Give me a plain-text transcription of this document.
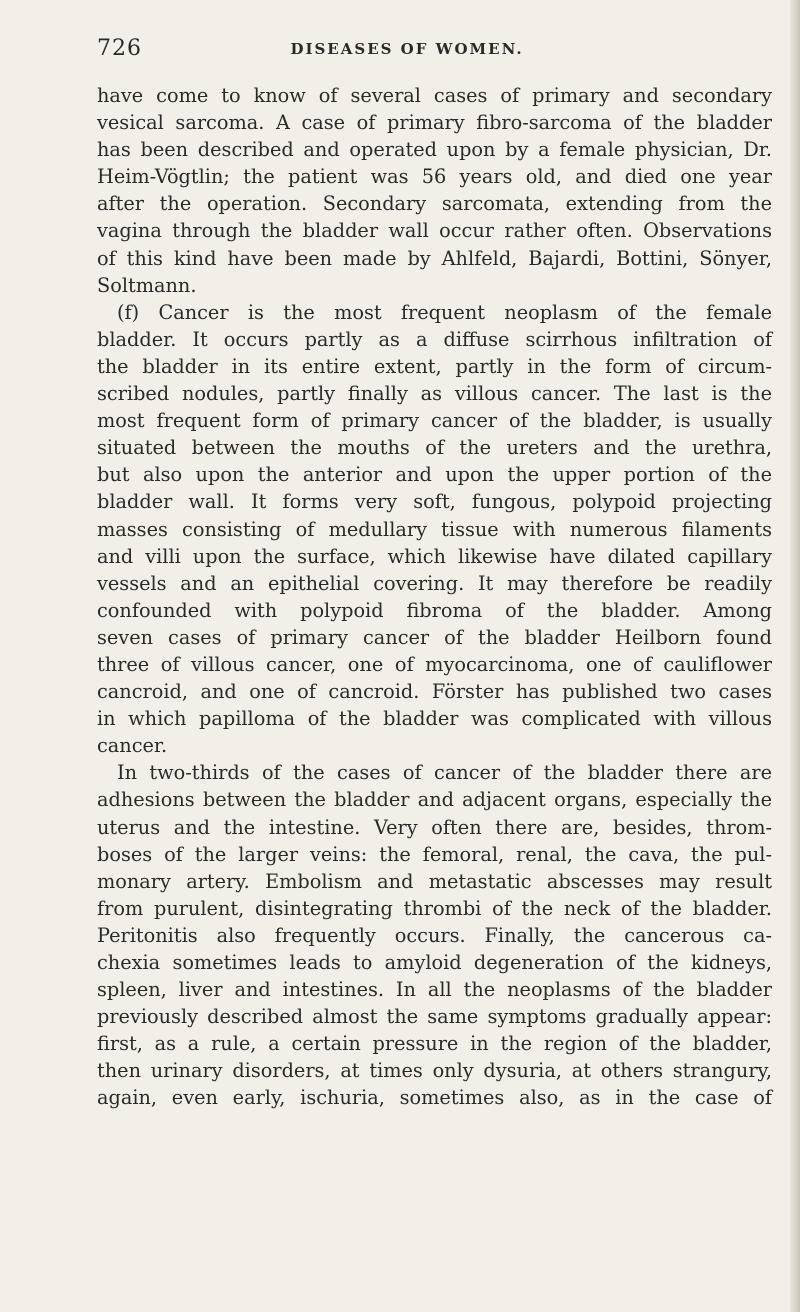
726	DISEASES OF WOMEN.
have come to know of several cases of primary and secondary
vesical sarcoma. A case of primary fibro-sarcoma of the bladder
has been described and operated upon by a female physician, Dr.
Heim-Vögtlin; the patient was 56 years old, and died one year
after the operation. Secondary sarcomata, extending from the
vagina through the bladder wall occur rather often. Observations
of this kind have been made by Ahlfeld, Bajardi, Bottini, Sönyer,
Soltmann.
(f) Cancer is the most frequent neoplasm of the female
bladder. It occurs partly as a diffuse scirrhous infiltration of
the bladder in its entire extent, partly in the form of circum-
scribed nodules, partly finally as villous cancer. The last is the
most frequent form of primary cancer of the bladder, is usually
situated between the mouths of the ureters and the urethra,
but also upon the anterior and upon the upper portion of the
bladder wall. It forms very soft, fungous, polypoid projecting
masses consisting of medullary tissue with numerous filaments
and villi upon the surface, which likewise have dilated capillary
vessels and an epithelial covering. It may therefore be readily
confounded with polypoid fibroma of the bladder. Among
seven cases of primary cancer of the bladder Heilborn found
three of villous cancer, one of myocarcinoma, one of cauliflower
cancroid, and one of cancroid. Förster has published two cases
in which papilloma of the bladder was complicated with villous
cancer.
In two-thirds of the cases of cancer of the bladder there are
adhesions between the bladder and adjacent organs, especially the
uterus and the intestine. Very often there are, besides, throm-
boses of the larger veins: the femoral, renal, the cava, the pul-
monary artery. Embolism and metastatic abscesses may result
from purulent, disintegrating thrombi of the neck of the bladder.
Peritonitis also frequently occurs. Finally, the cancerous ca-
chexia sometimes leads to amyloid degeneration of the kidneys,
spleen, liver and intestines. In all the neoplasms of the bladder
previously described almost the same symptoms gradually appear:
first, as a rule, a certain pressure in the region of the bladder,
then urinary disorders, at times only dysuria, at others strangury,
again, even early, ischuria, sometimes also, as in the case of
